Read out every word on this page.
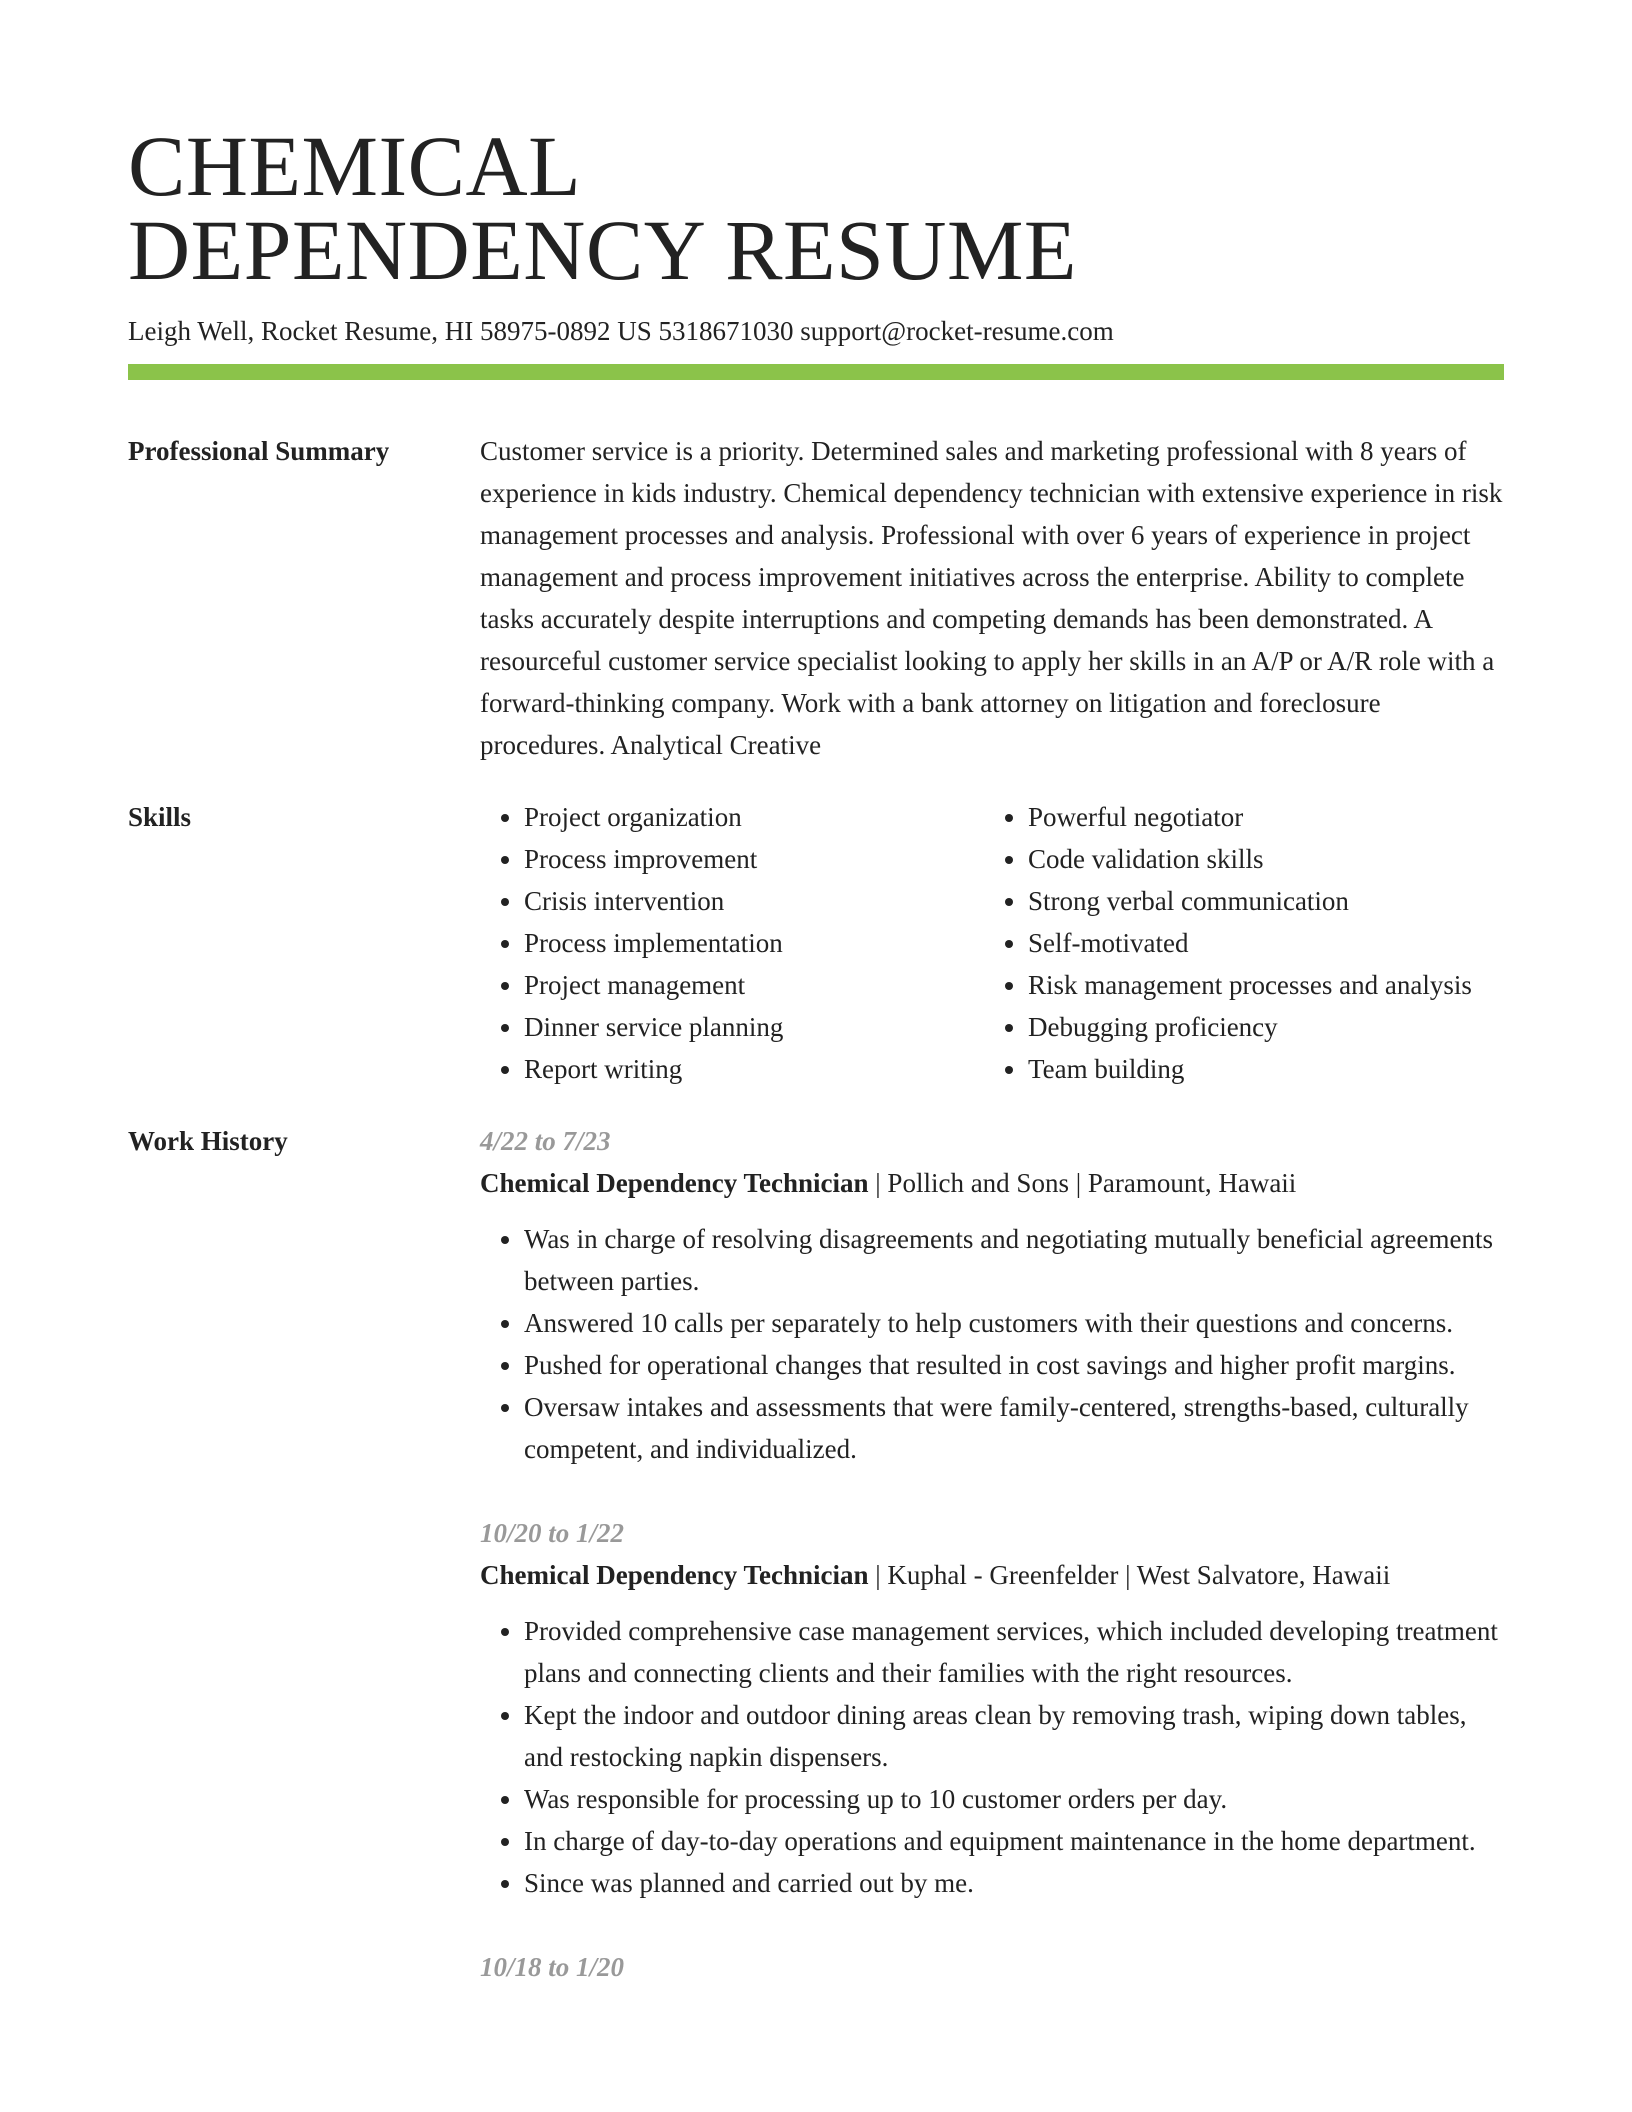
CHEMICAL
DEPENDENCY RESUME
Leigh Well, Rocket Resume, HI 58975-0892 US 5318671030 support@rocket-resume.com
Professional Summary	Customer service is a priority. Determined sales and marketing professional with 8 years of experience in kids industry. Chemical dependency technician with extensive experience in risk management processes and analysis. Professional with over 6 years of experience in project management and process improvement initiatives across the enterprise. Ability to complete tasks accurately despite interruptions and competing demands has been demonstrated. A resourceful customer service specialist looking to apply her skills in an A/P or A/R role with a forward-thinking company. Work with a bank attorney on litigation and foreclosure procedures. Analytical Creative
Skills
•	Project organization
• Process improvement
• Crisis intervention
• Process implementation
• Project management
• Dinner service planning
• Report writing
• Powerful negotiator
• Code validation skills
• Strong verbal communication
• Self-motivated
• Risk management processes and analysis
• Debugging proficiency
• Team building
Work History	4/22 to 7/23
Chemical Dependency Technician | Pollich and Sons | Paramount, Hawaii
• Was in charge of resolving disagreements and negotiating mutually beneficial agreements between parties.
• Answered 10 calls per separately to help customers with their questions and concerns.
• Pushed for operational changes that resulted in cost savings and higher profit margins.
• Oversaw intakes and assessments that were family-centered, strengths-based, culturally competent, and individualized.
10/20 to 1/22
Chemical Dependency Technician | Kuphal - Greenfelder | West Salvatore, Hawaii
• Provided comprehensive case management services, which included developing treatment plans and connecting clients and their families with the right resources.
• Kept the indoor and outdoor dining areas clean by removing trash, wiping down tables, and restocking napkin dispensers.
• Was responsible for processing up to 10 customer orders per day.
• In charge of day-to-day operations and equipment maintenance in the home department.
• Since was planned and carried out by me.
10/18 to 1/20
